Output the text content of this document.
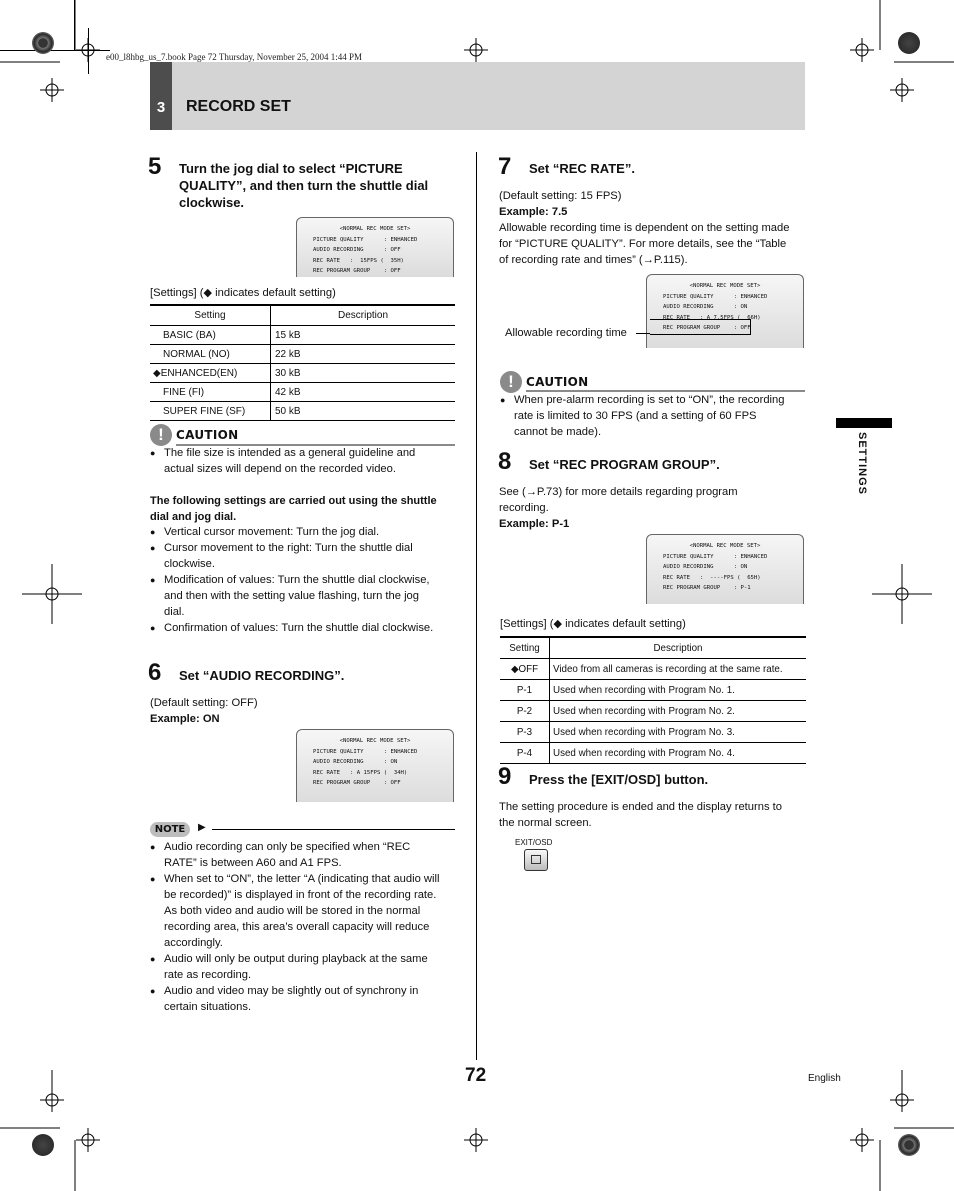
e00_l8hbg_us_7.book Page 72 Thursday, November 25, 2004 1:44 PM
3	RECORD SET
SETTINGS
5 Turn the jog dial to select “PICTURE
QUALITY”, and then turn the shuttle dial
clockwise.
<NORMAL REC MODE SET>
PICTURE QUALITY      : ENHANCED
AUDIO RECORDING      : OFF
REC RATE   :  15FPS (  35H)
REC PROGRAM GROUP    : OFF
[Settings] (◆ indicates default setting)
Setting	Description
BASIC (BA)	15 kB
NORMAL (NO)	22 kB
◆ENHANCED(EN)	30 kB
FINE (FI)	42 kB
SUPER FINE (SF)	50 kB
!	CAUTION
● The file size is intended as a general guideline and
actual sizes will depend on the recorded video.
The following settings are carried out using the shuttle
dial and jog dial.
● Vertical cursor movement: Turn the jog dial.
● Cursor movement to the right: Turn the shuttle dial
clockwise.
● Modification of values: Turn the shuttle dial clockwise,
and then with the setting value flashing, turn the jog
dial.
● Confirmation of values: Turn the shuttle dial clockwise.
6 Set “AUDIO RECORDING”.
(Default setting: OFF)
Example: ON
<NORMAL REC MODE SET>
PICTURE QUALITY      : ENHANCED
AUDIO RECORDING      : ON
REC RATE   : A 15FPS (  34H)
REC PROGRAM GROUP    : OFF
NOTE	▶
● Audio recording can only be specified when “REC
RATE” is between A60 and A1 FPS.
● When set to “ON”, the letter “A (indicating that audio will
be recorded)” is displayed in front of the recording rate.
As both video and audio will be stored in the normal
recording area, this area’s overall capacity will reduce
accordingly.
● Audio will only be output during playback at the same
rate as recording.
● Audio and video may be slightly out of synchrony in
certain situations.
7 Set “REC RATE”.
(Default setting: 15 FPS)
Example: 7.5
Allowable recording time is dependent on the setting made
for “PICTURE QUALITY”. For more details, see the “Table
of recording rate and times” (→P.115).
<NORMAL REC MODE SET>
PICTURE QUALITY      : ENHANCED
AUDIO RECORDING      : ON
REC RATE   : A 7.5FPS (  66H)
REC PROGRAM GROUP    : OFF
Allowable recording time
!	CAUTION
● When pre-alarm recording is set to “ON”, the recording
rate is limited to 30 FPS (and a setting of 60 FPS
cannot be made).
8 Set “REC PROGRAM GROUP”.
See (→P.73) for more details regarding program
recording.
Example: P-1
<NORMAL REC MODE SET>
PICTURE QUALITY      : ENHANCED
AUDIO RECORDING      : ON
REC RATE   :  ----FPS (  65H)
REC PROGRAM GROUP    : P-1
[Settings] (◆ indicates default setting)
Setting	Description
◆OFF	Video from all cameras is recording at the same rate.
P-1	Used when recording with Program No. 1.
P-2	Used when recording with Program No. 2.
P-3	Used when recording with Program No. 3.
P-4	Used when recording with Program No. 4.
9 Press the [EXIT/OSD] button.
The setting procedure is ended and the display returns to
the normal screen.
EXIT/OSD
72	English
